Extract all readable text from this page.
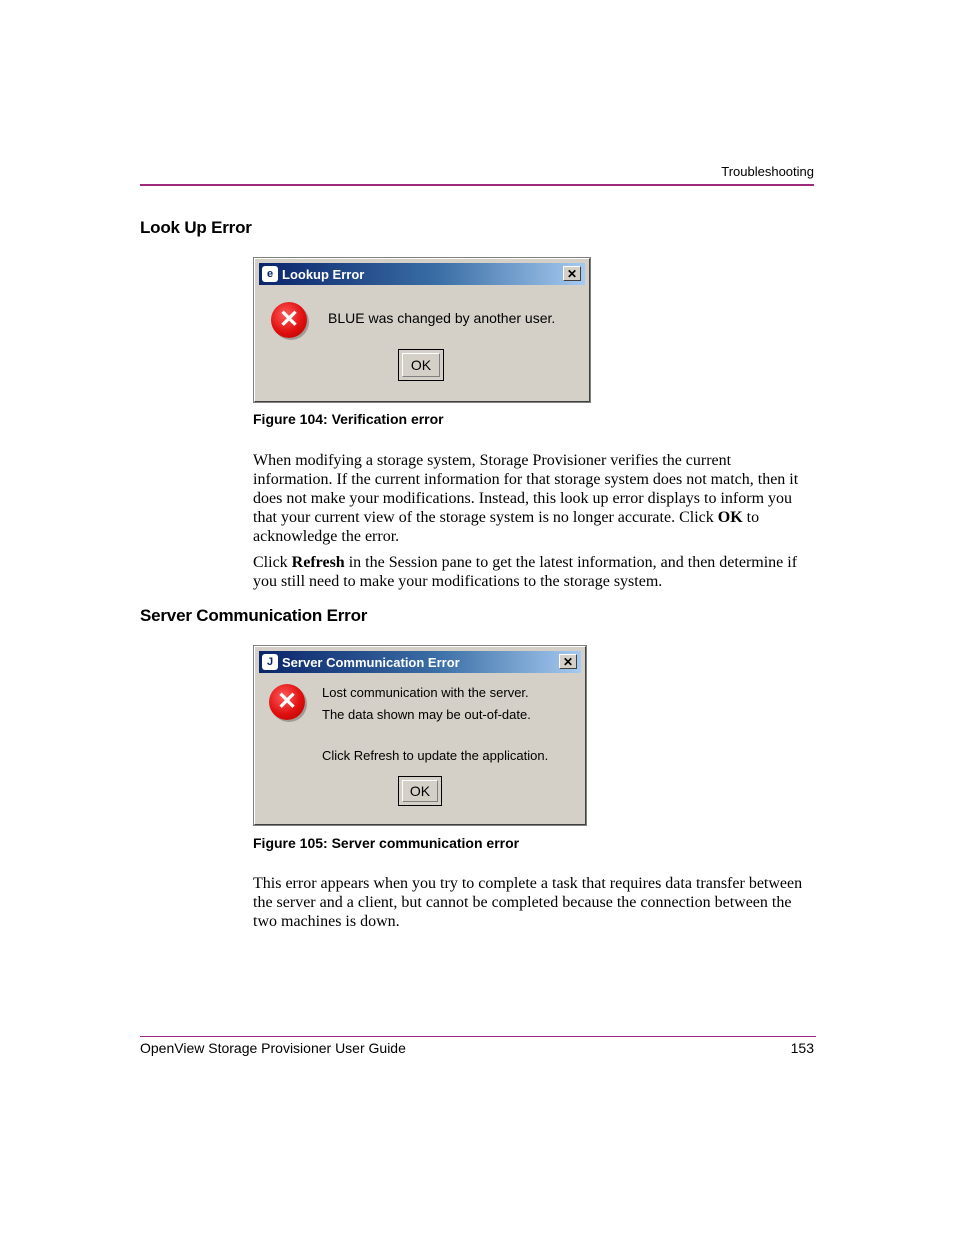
Troubleshooting
Look Up Error
e Lookup Error	✕
✕	BLUE was changed by another user.
OK
Figure 104: Verification error

When modifying a storage system, Storage Provisioner verifies the current information. If the current information for that storage system does not match, then it does not make your modifications. Instead, this look up error displays to inform you that your current view of the storage system is no longer accurate. Click OK to acknowledge the error.

Click Refresh in the Session pane to get the latest information, and then determine if you still need to make your modifications to the storage system.

Server Communication Error
J Server Communication Error	✕
✕	Lost communication with the server.
The data shown may be out-of-date.
Click Refresh to update the application.
OK
Figure 105: Server communication error

This error appears when you try to complete a task that requires data transfer between the server and a client, but cannot be completed because the connection between the two machines is down.

OpenView Storage Provisioner User Guide	153
